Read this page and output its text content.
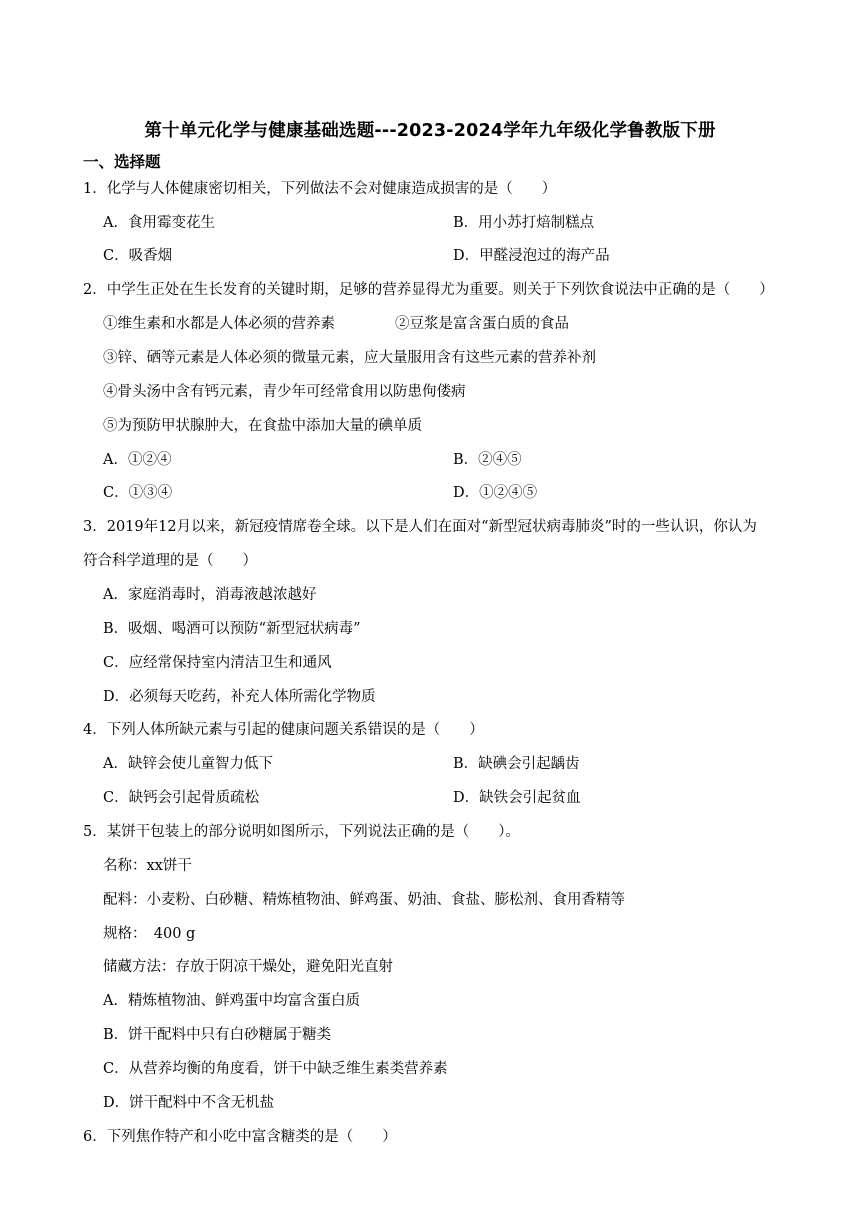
第十单元化学与健康基础选题---2023-2024学年九年级化学鲁教版下册
一、选择题
1．化学与人体健康密切相关，下列做法不会对健康造成损害的是（　　）
A．食用霉变花生	B．用小苏打焙制糕点
C．吸香烟	D．甲醛浸泡过的海产品
2．中学生正处在生长发育的关键时期，足够的营养显得尤为重要。则关于下列饮食说法中正确的是（　　）
①维生素和水都是人体必须的营养素	②豆浆是富含蛋白质的食品
③锌、硒等元素是人体必须的微量元素，应大量服用含有这些元素的营养补剂
④骨头汤中含有钙元素，青少年可经常食用以防患佝偻病
⑤为预防甲状腺肿大，在食盐中添加大量的碘单质
A．①②④	B．②④⑤
C．①③④	D．①②④⑤
3．2019年12月以来，新冠疫情席卷全球。以下是人们在面对“新型冠状病毒肺炎”时的一些认识，你认为
符合科学道理的是（　　）
A．家庭消毒时，消毒液越浓越好
B．吸烟、喝酒可以预防“新型冠状病毒”
C．应经常保持室内清洁卫生和通风
D．必须每天吃药，补充人体所需化学物质
4．下列人体所缺元素与引起的健康问题关系错误的是（　　）
A．缺锌会使儿童智力低下	B．缺碘会引起龋齿
C．缺钙会引起骨质疏松	D．缺铁会引起贫血
5．某饼干包装上的部分说明如图所示，下列说法正确的是（　　）。
名称：xx饼干
配料：小麦粉、白砂糖、精炼植物油、鲜鸡蛋、奶油、食盐、膨松剂、食用香精等
规格：　400 g
储藏方法：存放于阴凉干燥处，避免阳光直射
A．精炼植物油、鲜鸡蛋中均富含蛋白质
B．饼干配料中只有白砂糖属于糖类
C．从营养均衡的角度看，饼干中缺乏维生素类营养素
D．饼干配料中不含无机盐
6．下列焦作特产和小吃中富含糖类的是（　　）
